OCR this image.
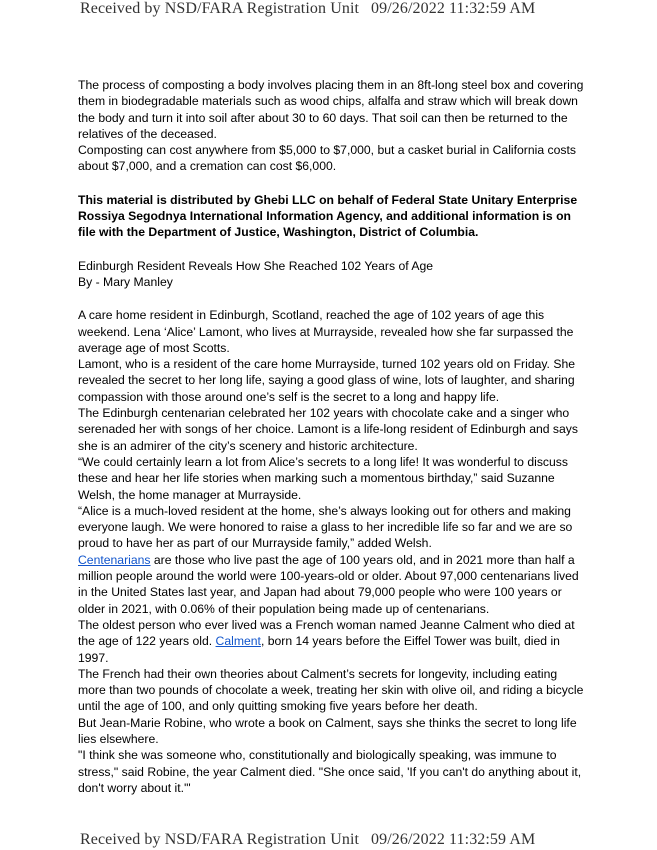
Received by NSD/FARA Registration Unit 09/26/2022 11:32:59 AM

The process of composting a body involves placing them in an 8ft-long steel box and covering them in biodegradable materials such as wood chips, alfalfa and straw which will break down the body and turn it into soil after about 30 to 60 days. That soil can then be returned to the relatives of the deceased.

Composting can cost anywhere from $5,000 to $7,000, but a casket burial in California costs about $7,000, and a cremation can cost $6,000.

This material is distributed by Ghebi LLC on behalf of Federal State Unitary Enterprise Rossiya Segodnya International Information Agency, and additional information is on file with the Department of Justice, Washington, District of Columbia.

Edinburgh Resident Reveals How She Reached 102 Years of Age

By - Mary Manley

A care home resident in Edinburgh, Scotland, reached the age of 102 years of age this weekend. Lena ‘Alice’ Lamont, who lives at Murrayside, revealed how she far surpassed the average age of most Scotts.

Lamont, who is a resident of the care home Murrayside, turned 102 years old on Friday. She revealed the secret to her long life, saying a good glass of wine, lots of laughter, and sharing compassion with those around one’s self is the secret to a long and happy life.

The Edinburgh centenarian celebrated her 102 years with chocolate cake and a singer who serenaded her with songs of her choice. Lamont is a life-long resident of Edinburgh and says she is an admirer of the city’s scenery and historic architecture.

“We could certainly learn a lot from Alice’s secrets to a long life! It was wonderful to discuss these and hear her life stories when marking such a momentous birthday,” said Suzanne Welsh, the home manager at Murrayside.

“Alice is a much-loved resident at the home, she’s always looking out for others and making everyone laugh. We were honored to raise a glass to her incredible life so far and we are so proud to have her as part of our Murrayside family,” added Welsh.

Centenarians are those who live past the age of 100 years old, and in 2021 more than half a million people around the world were 100-years-old or older. About 97,000 centenarians lived in the United States last year, and Japan had about 79,000 people who were 100 years or older in 2021, with 0.06% of their population being made up of centenarians.

The oldest person who ever lived was a French woman named Jeanne Calment who died at the age of 122 years old. Calment, born 14 years before the Eiffel Tower was built, died in 1997.

The French had their own theories about Calment’s secrets for longevity, including eating more than two pounds of chocolate a week, treating her skin with olive oil, and riding a bicycle until the age of 100, and only quitting smoking five years before her death.

But Jean-Marie Robine, who wrote a book on Calment, says she thinks the secret to long life lies elsewhere.

"I think she was someone who, constitutionally and biologically speaking, was immune to stress," said Robine, the year Calment died. "She once said, 'If you can't do anything about it, don't worry about it.'"

Received by NSD/FARA Registration Unit 09/26/2022 11:32:59 AM
